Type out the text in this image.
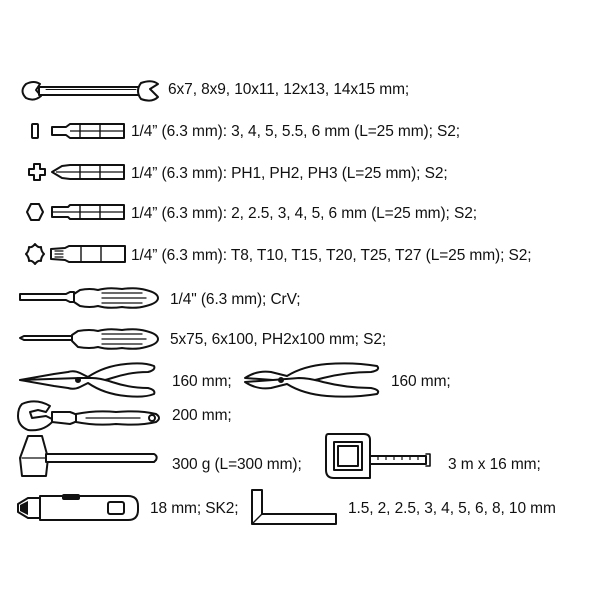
6x7, 8x9, 10x11, 12x13, 14x15 mm;
1/4” (6.3 mm): 3, 4, 5, 5.5, 6 mm (L=25 mm); S2;
1/4” (6.3 mm): PH1, PH2, PH3 (L=25 mm); S2;
1/4” (6.3 mm): 2, 2.5, 3, 4, 5, 6 mm (L=25 mm); S2;
1/4” (6.3 mm): T8, T10, T15, T20, T25, T27 (L=25 mm); S2;
1/4" (6.3 mm); CrV;
5x75, 6x100, PH2x100 mm; S2;
160 mm;	160 mm;
200 mm;
300 g (L=300 mm);	3 m x 16 mm;
18 mm; SK2;	1.5, 2, 2.5, 3, 4, 5, 6, 8, 10 mm
